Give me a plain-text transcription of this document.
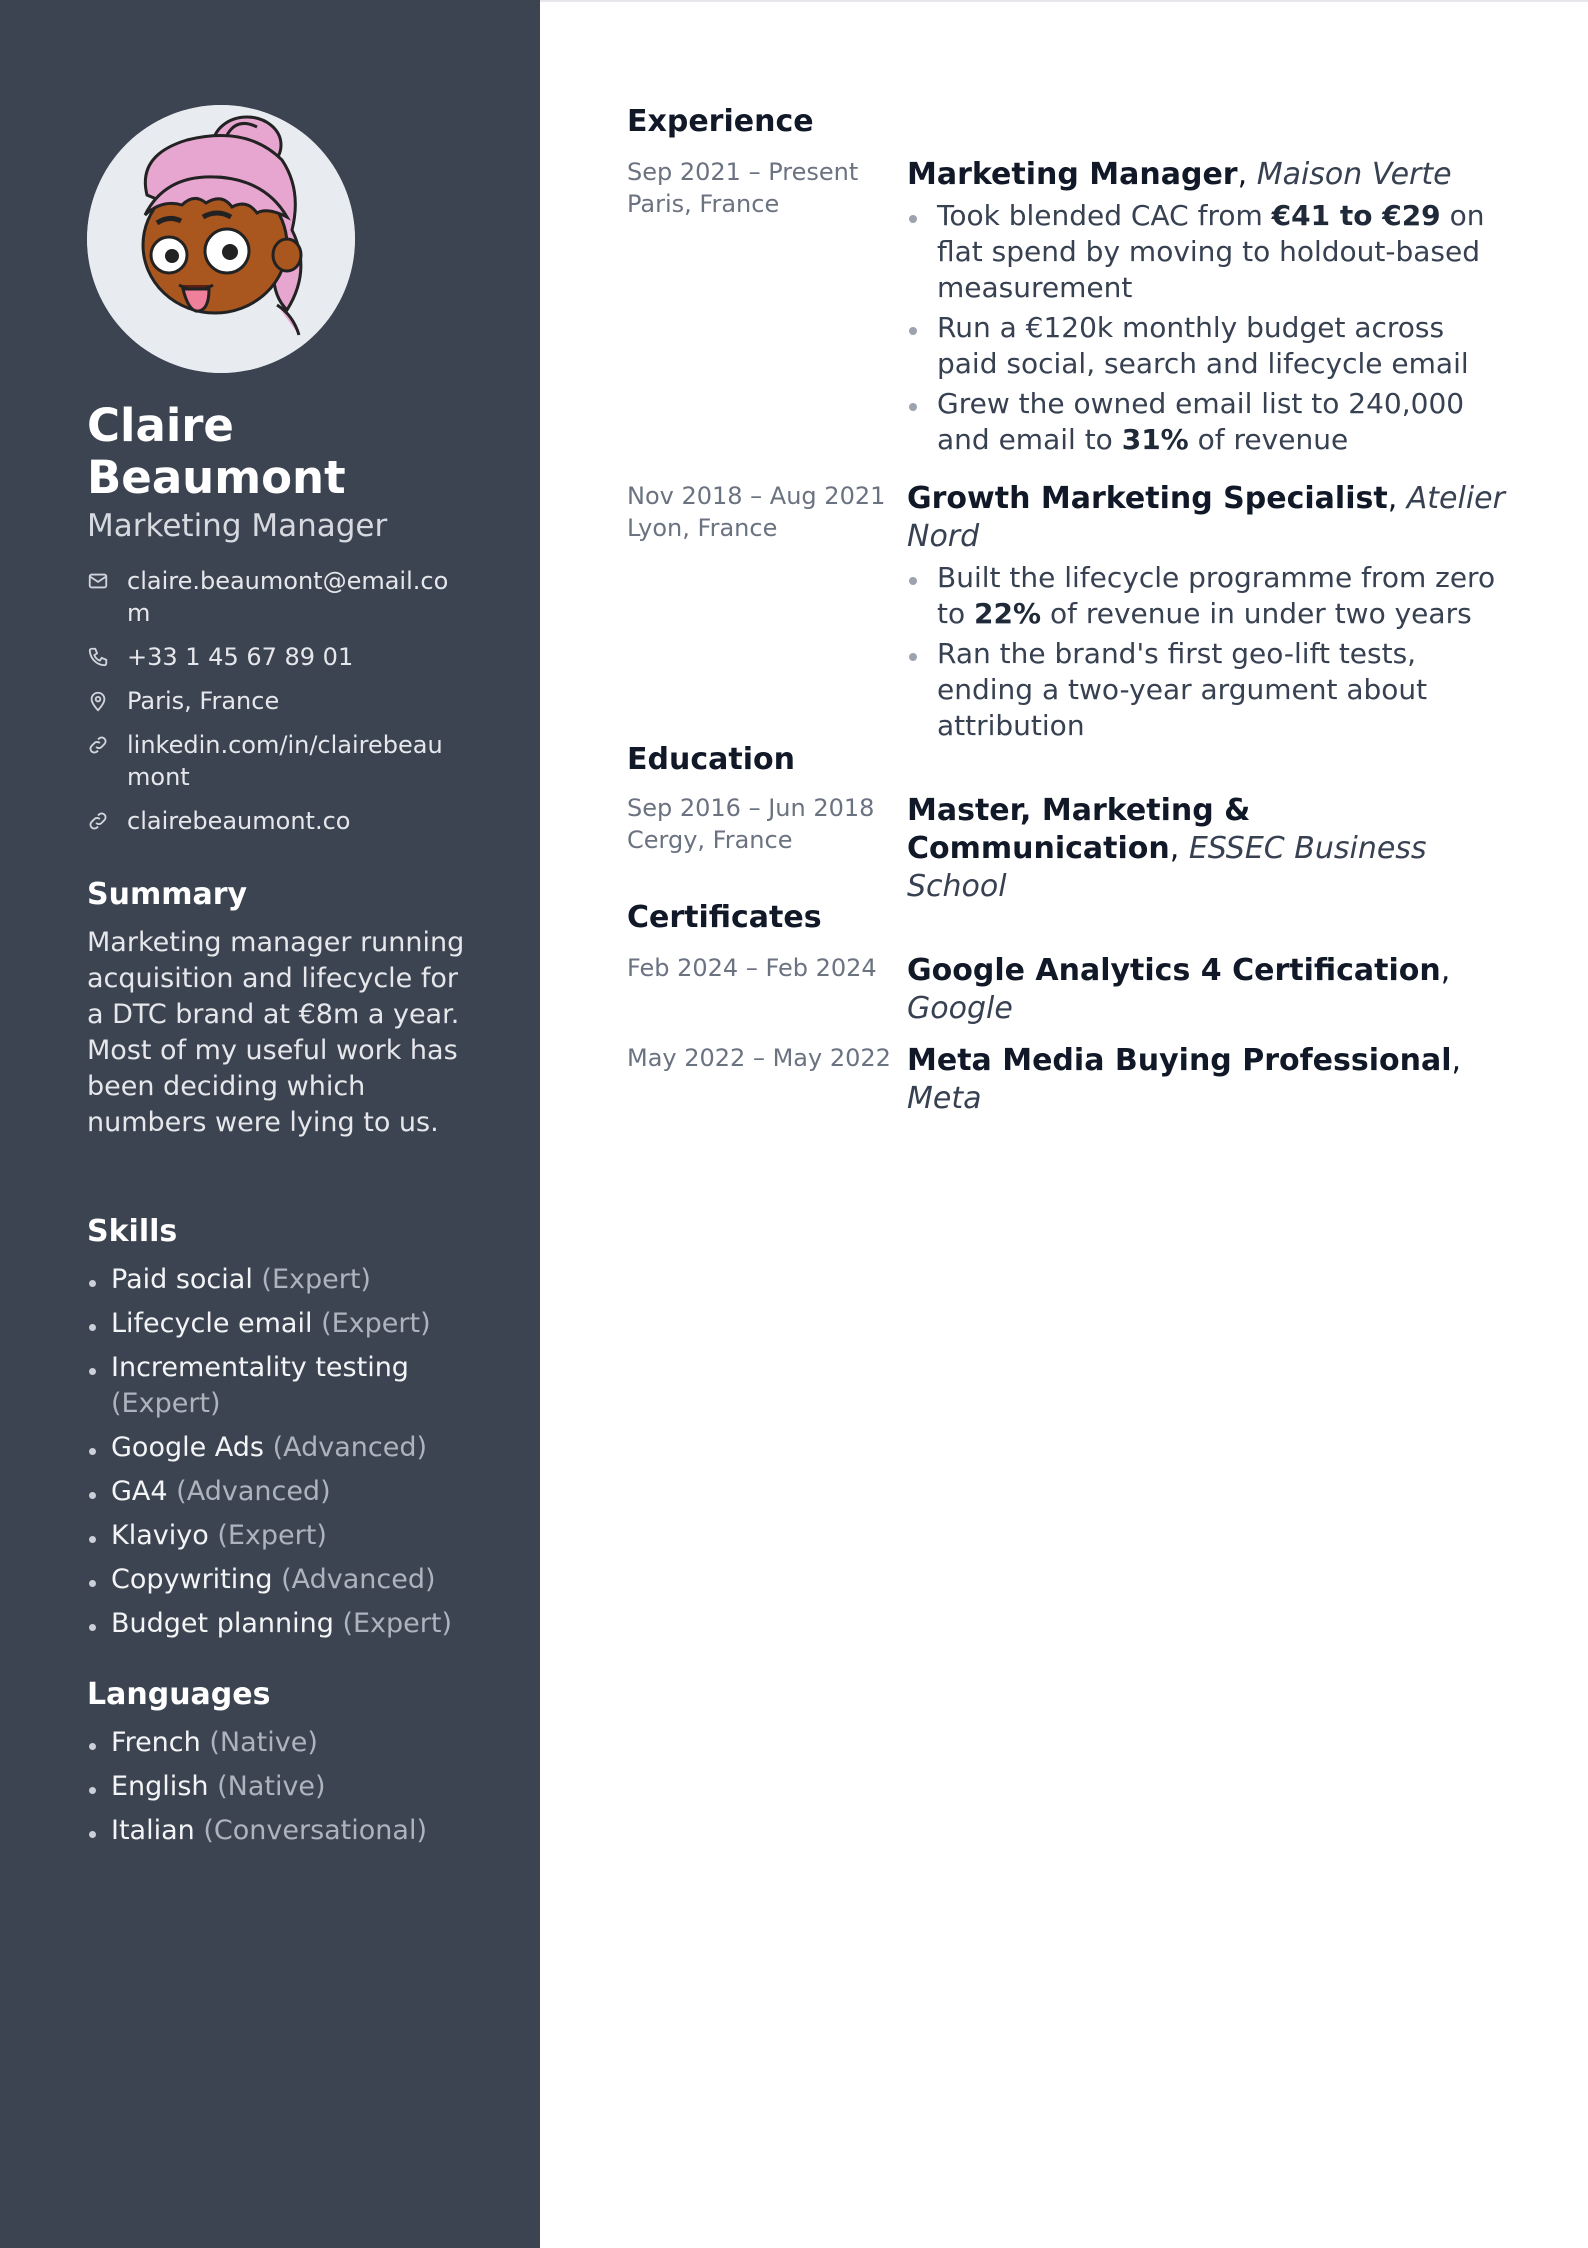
Claire Beaumont
Marketing Manager
claire.beaumont@email.com
+33 1 45 67 89 01
Paris, France
linkedin.com/in/clairebeaumont
clairebeaumont.co
Summary
Marketing manager running acquisition and lifecycle for a DTC brand at €8m a year. Most of my useful work has been deciding which numbers were lying to us.
Skills
Paid social (Expert)
Lifecycle email (Expert)
Incrementality testing (Expert)
Google Ads (Advanced)
GA4 (Advanced)
Klaviyo (Expert)
Copywriting (Advanced)
Budget planning (Expert)
Languages
French (Native)
English (Native)
Italian (Conversational)
Experience
Sep 2021 – Present
Paris, France
Marketing Manager, Maison Verte
Took blended CAC from €41 to €29 on flat spend by moving to holdout-based measurement
Run a €120k monthly budget across paid social, search and lifecycle email
Grew the owned email list to 240,000 and email to 31% of revenue
Nov 2018 – Aug 2021
Lyon, France
Growth Marketing Specialist, Atelier Nord
Built the lifecycle programme from zero to 22% of revenue in under two years
Ran the brand's first geo-lift tests, ending a two-year argument about attribution
Education
Sep 2016 – Jun 2018
Cergy, France
Master, Marketing & Communication, ESSEC Business School
Certificates
Feb 2024 – Feb 2024	Google Analytics 4 Certification, Google
May 2022 – May 2022 Meta Media Buying Professional, Meta
